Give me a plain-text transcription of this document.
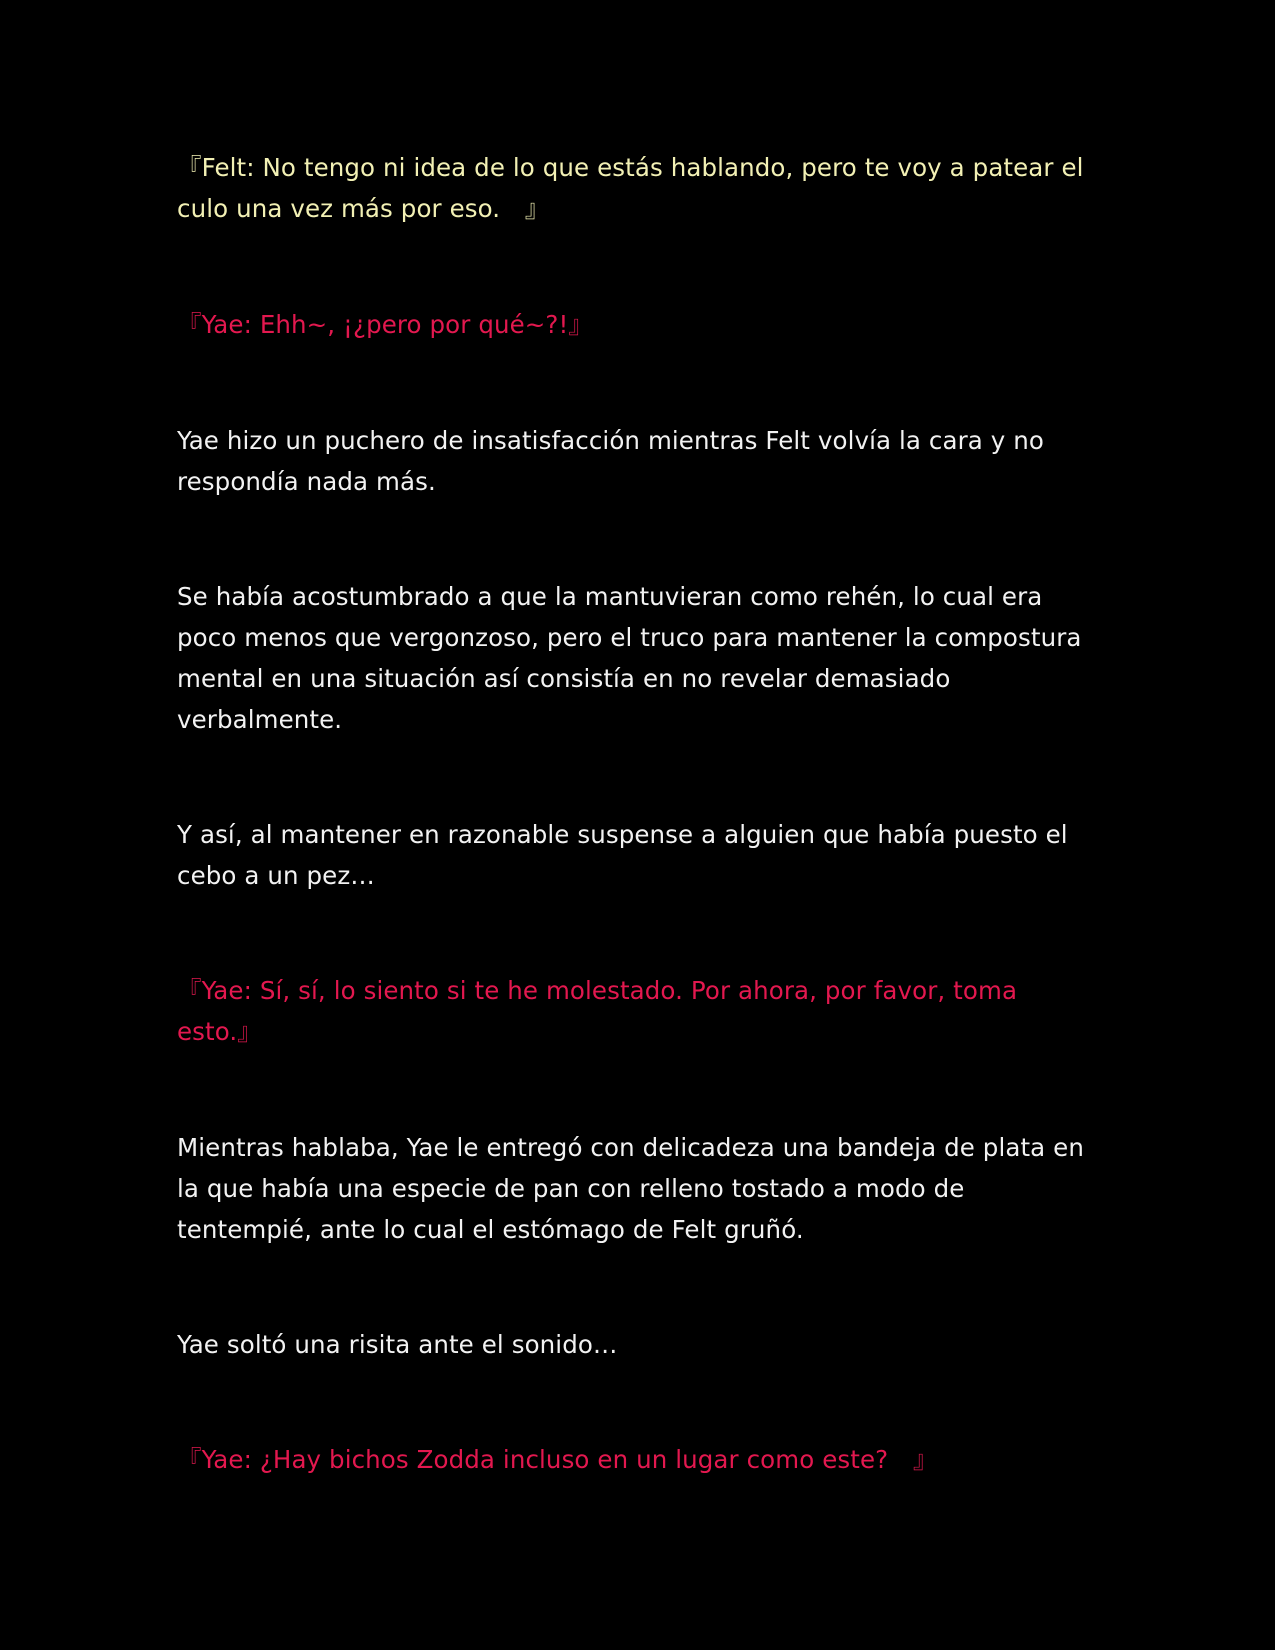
『Felt: No tengo ni idea de lo que estás hablando, pero te voy a patear el culo una vez más por eso.　』

『Yae: Ehh~, ¡¿pero por qué~?!』

Yae hizo un puchero de insatisfacción mientras Felt volvía la cara y no respondía nada más.

Se había acostumbrado a que la mantuvieran como rehén, lo cual era poco menos que vergonzoso, pero el truco para mantener la compostura mental en una situación así consistía en no revelar demasiado verbalmente.

Y así, al mantener en razonable suspense a alguien que había puesto el cebo a un pez…

『Yae: Sí, sí, lo siento si te he molestado. Por ahora, por favor, toma esto.』

Mientras hablaba, Yae le entregó con delicadeza una bandeja de plata en la que había una especie de pan con relleno tostado a modo de tentempié, ante lo cual el estómago de Felt gruñó.

Yae soltó una risita ante el sonido…

『Yae: ¿Hay bichos Zodda incluso en un lugar como este?　』
